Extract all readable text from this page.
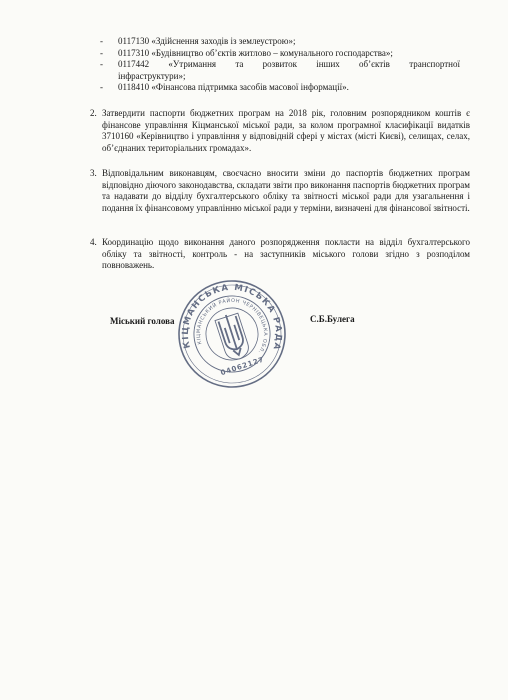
-	0117130 «Здійснення заходів із землеустрою»;
-	0117310 «Будівництво об’єктів житлово – комунального господарства»;
-	0117442 «Утримання та розвиток інших об’єктів транспортної
інфраструктури»;
-	0118410 «Фінансова підтримка засобів масової інформації».
2. Затвердити паспорти бюджетних програм на 2018 рік, головним розпорядником коштів є фінансове управління Кіцманської міської ради, за колом програмної класифікації видатків 3710160 «Керівництво і управління у відповідній сфері у містах (місті Києві), селищах, селах, об’єднаних територіальних громадах».
3. Відповідальним виконавцям, своєчасно вносити зміни до паспортів бюджетних програм відповідно діючого законодавства, складати звіти про виконання паспортів бюджетних програм та надавати до відділу бухгалтерського обліку та звітності міської ради для узагальнення і подання їх фінансовому управлінню міської ради у терміни, визначені для фінансової звітності.
4. Координацію щодо виконання даного розпорядження покласти на відділ бухгалтерського обліку та звітності, контроль - на заступників міського голови згідно з розподілом повноважень.
КІЦМАНСЬКА МІСЬКА РАДА
КІЦМАНСЬКИЙ РАЙОН ЧЕРНІВЕЦЬКА ОБЛ.
04062127
Міський голова	С.Б.Булега
